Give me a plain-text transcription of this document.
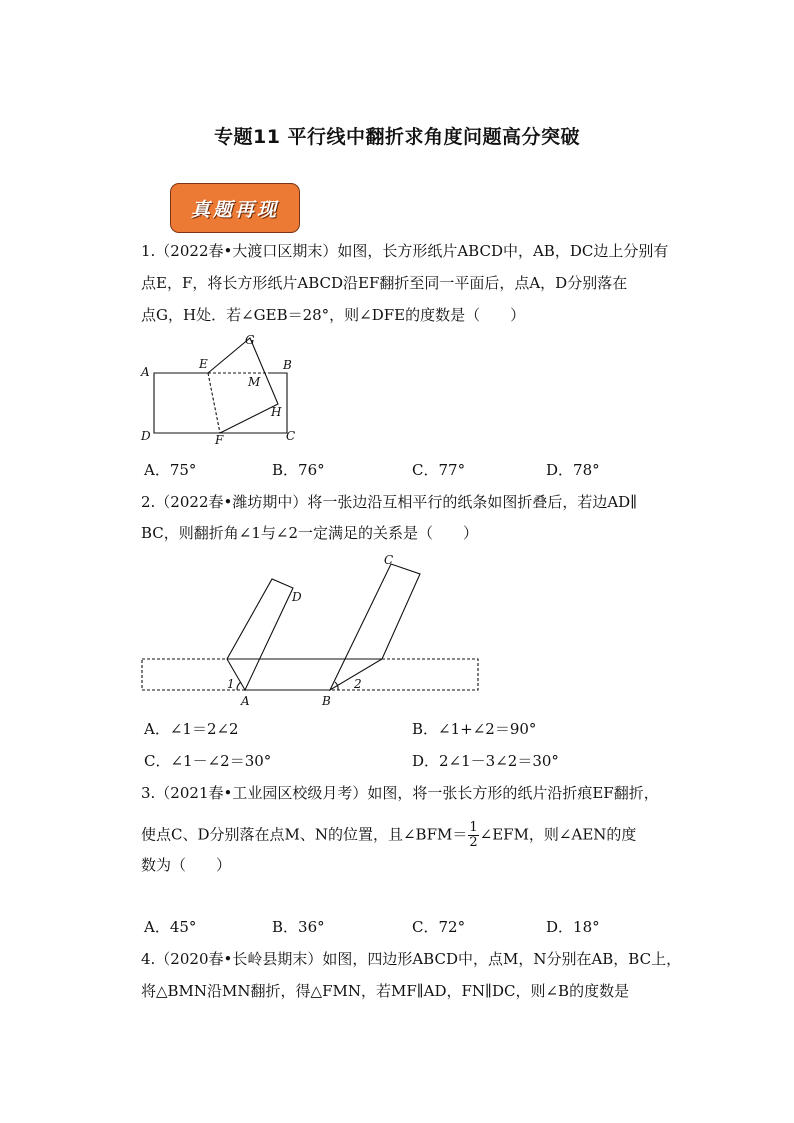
专题11 平行线中翻折求角度问题高分突破
真题再现
1.（2022春•大渡口区期末）如图，长方形纸片ABCD中，AB，DC边上分别有
点E，F，将长方形纸片ABCD沿EF翻折至同一平面后，点A，D分别落在
点G，H处．若∠GEB＝28°，则∠DFE的度数是（　　）
A
E
G
B
M
H
D	F	C
A．75°	B．76°	C．77°	D．78°
2.（2022春•潍坊期中）将一张边沿互相平行的纸条如图折叠后，若边AD∥
BC，则翻折角∠1与∠2一定满足的关系是（　　）
C
D
1	2
A	B
A．∠1＝2∠2	B．∠1+∠2＝90°
C．∠1－∠2＝30°	D．2∠1－3∠2＝30°
3.（2021春•工业园区校级月考）如图，将一张长方形的纸片沿折痕EF翻折，
使点C、D分别落在点M、N的位置，且∠BFM＝ $\frac{1}{2}$ ∠EFM，则∠AEN的度
数为（　　）
A．45°	B．36°	C．72°	D．18°
4.（2020春•长岭县期末）如图，四边形ABCD中，点M，N分别在AB，BC上，
将△BMN沿MN翻折，得△FMN，若MF∥AD，FN∥DC，则∠B的度数是
